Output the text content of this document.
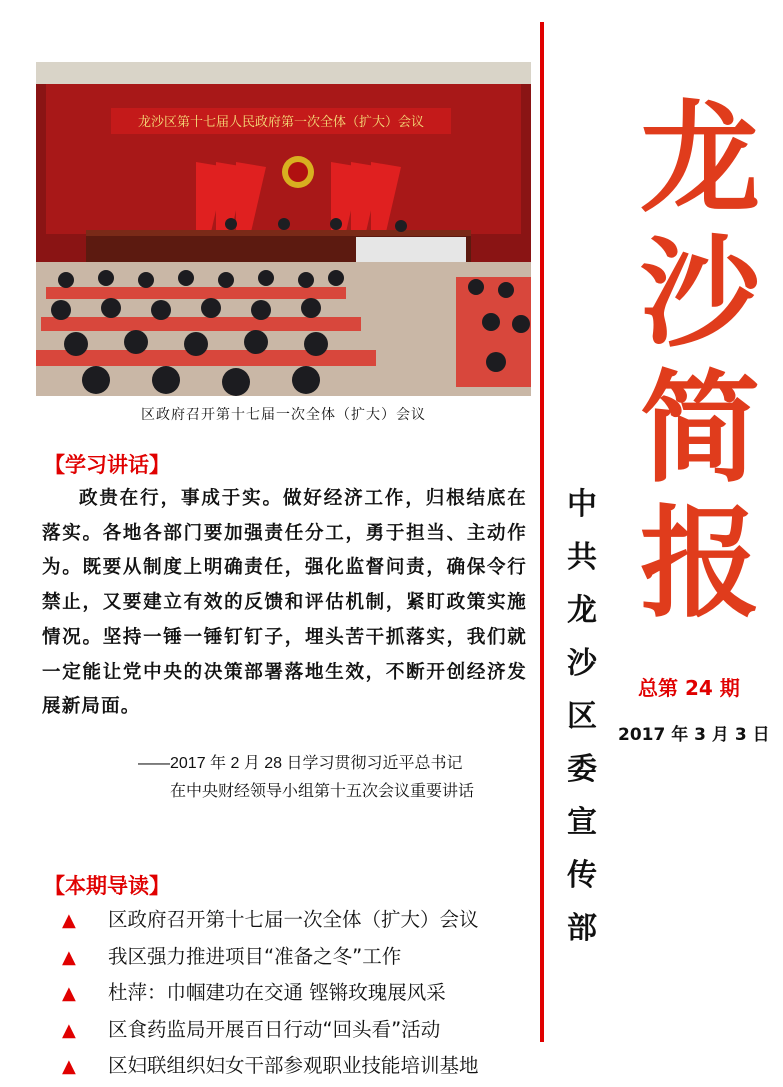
龙沙区第十七届人民政府第一次全体（扩大）会议
区政府召开第十七届一次全体（扩大）会议
【学习讲话】
政贵在行，事成于实。做好经济工作，归根结底在落实。各地各部门要加强责任分工，勇于担当、主动作为。既要从制度上明确责任，强化监督问责，确保令行禁止，又要建立有效的反馈和评估机制，紧盯政策实施情况。坚持一锤一锤钉钉子，埋头苦干抓落实，我们就一定能让党中央的决策部署落地生效，不断开创经济发展新局面。
——2017 年 2 月 28 日学习贯彻习近平总书记
在中央财经领导小组第十五次会议重要讲话
龙
沙
简
报
中
共
龙
沙
区
委
宣
传
部
总第 24 期
2017 年 3 月 3 日
【本期导读】
▲ 区政府召开第十七届一次全体（扩大）会议
▲ 我区强力推进项目“准备之冬”工作
▲ 杜萍：巾帼建功在交通 铿锵玫瑰展风采
▲ 区食药监局开展百日行动“回头看”活动
▲ 区妇联组织妇女干部参观职业技能培训基地
